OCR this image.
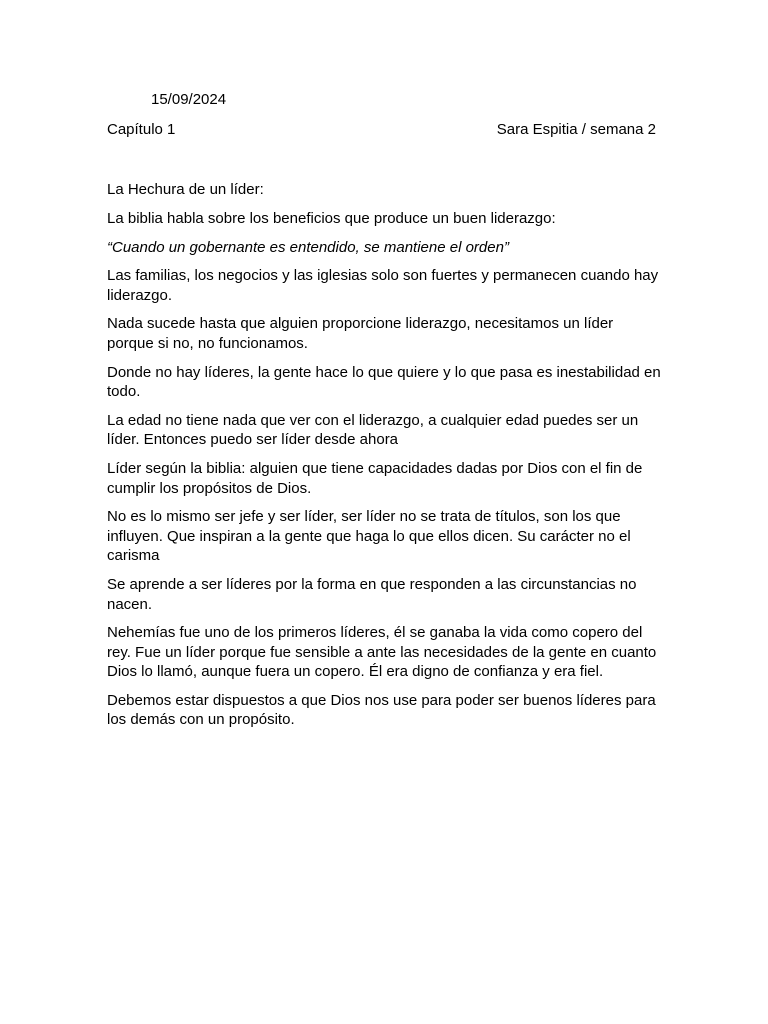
15/09/2024
Capítulo 1	Sara Espitia / semana 2
La Hechura de un líder:
La biblia habla sobre los beneficios que produce un buen liderazgo:
“Cuando un gobernante es entendido, se mantiene el orden”
Las familias, los negocios y las iglesias solo son fuertes y permanecen cuando hay liderazgo.
Nada sucede hasta que alguien proporcione liderazgo, necesitamos un líder porque si no, no funcionamos.
Donde no hay líderes, la gente hace lo que quiere y lo que pasa es inestabilidad en todo.
La edad no tiene nada que ver con el liderazgo, a cualquier edad puedes ser un líder. Entonces puedo ser líder desde ahora
Líder según la biblia: alguien que tiene capacidades dadas por Dios con el fin de cumplir los propósitos de Dios.
No es lo mismo ser jefe y ser líder, ser líder no se trata de títulos, son los que influyen. Que inspiran a la gente que haga lo que ellos dicen. Su carácter no el carisma
Se aprende a ser líderes por la forma en que responden a las circunstancias no nacen.
Nehemías fue uno de los primeros líderes, él se ganaba la vida como copero del rey. Fue un líder porque fue sensible a ante las necesidades de la gente en cuanto Dios lo llamó, aunque fuera un copero. Él era digno de confianza y era fiel.
Debemos estar dispuestos a que Dios nos use para poder ser buenos líderes para los demás con un propósito.
